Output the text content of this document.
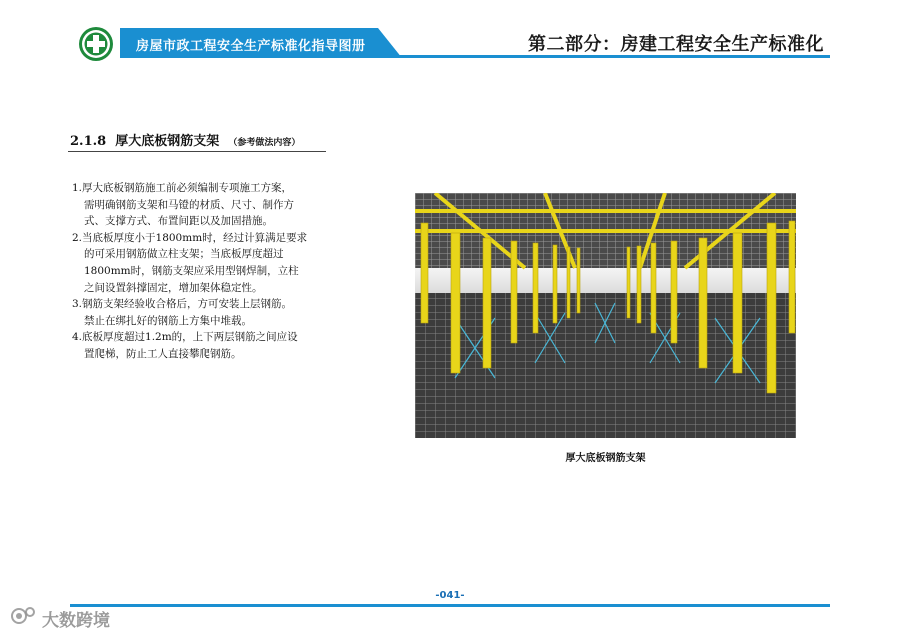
房屋市政工程安全生产标准化指导图册	第二部分：房建工程安全生产标准化
2.1.8 厚大底板钢筋支架 （参考做法内容）

1.厚大底板钢筋施工前必须编制专项施工方案，

需明确钢筋支架和马镫的材质、尺寸、制作方

式、支撑方式、布置间距以及加固措施。

2.当底板厚度小于1800mm时，经过计算满足要求

的可采用钢筋做立柱支架；当底板厚度超过

1800mm时，钢筋支架应采用型钢焊制，立柱

之间设置斜撑固定，增加架体稳定性。

3.钢筋支架经验收合格后，方可安装上层钢筋。

禁止在绑扎好的钢筋上方集中堆载。

4.底板厚度超过1.2m的，上下两层钢筋之间应设

置爬梯，防止工人直接攀爬钢筋。

厚大底板钢筋支架
-041-
大数跨境
